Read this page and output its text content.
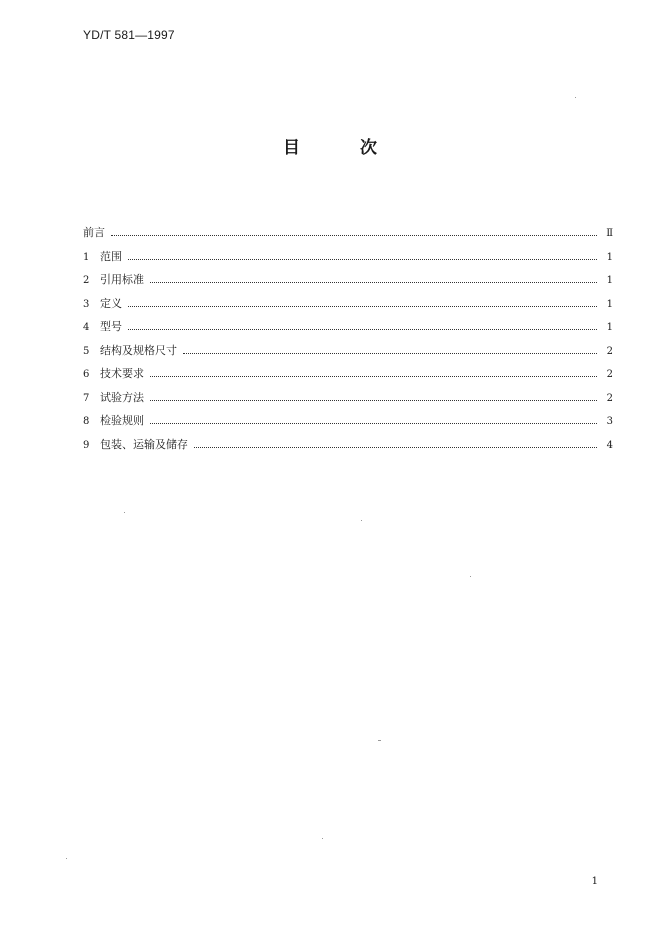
YD/T 581—1997
目次
前言	Ⅱ
1 范围	1
2 引用标准	1
3 定义	1
4 型号	1
5 结构及规格尺寸	2
6 技术要求	2
7 试验方法	2
8 检验规则	3
9 包装、运输及储存	4
1
